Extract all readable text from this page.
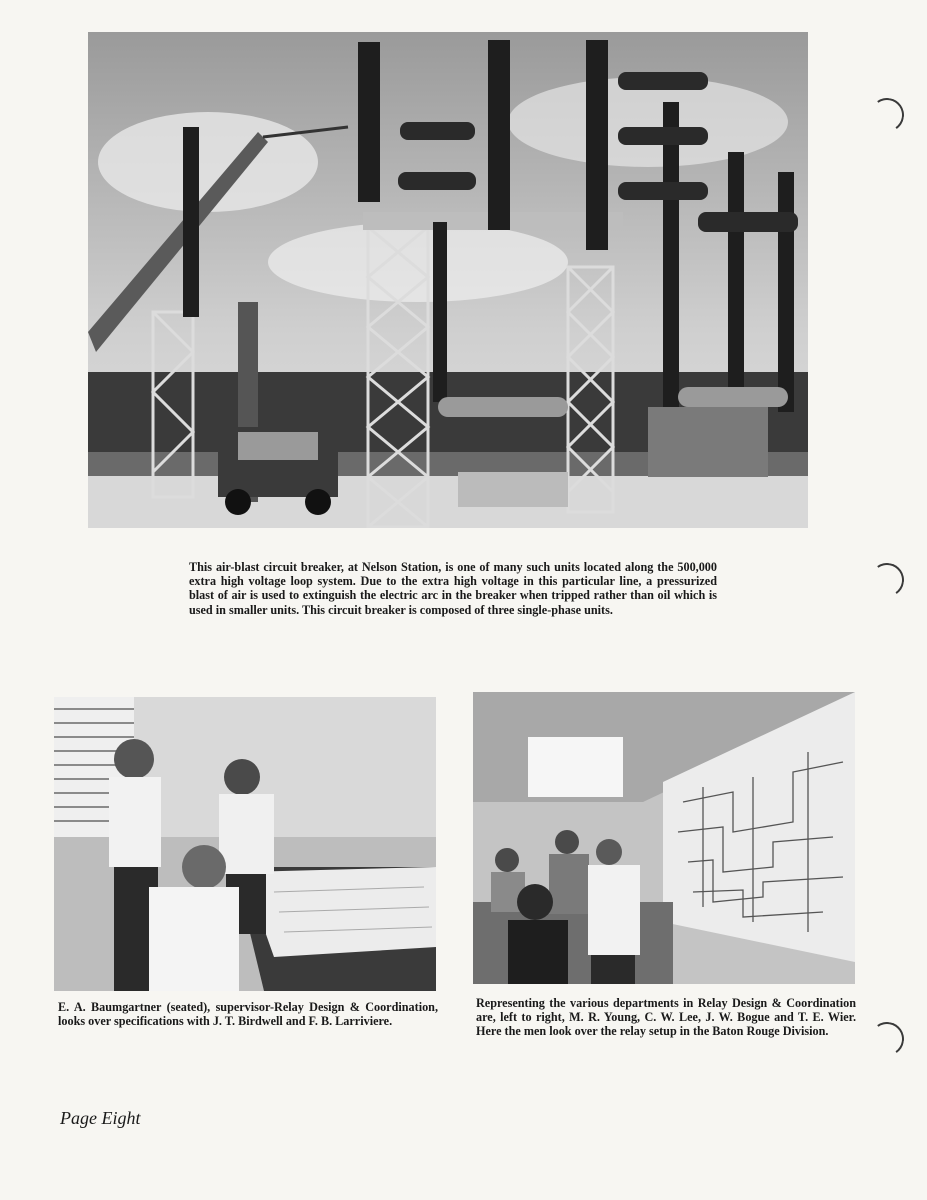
This air-blast circuit breaker, at Nelson Station, is one of many such units located along the 500,000 extra high voltage loop system. Due to the extra high voltage in this particular line, a pressurized blast of air is used to extinguish the electric arc in the breaker when tripped rather than oil which is used in smaller units. This circuit breaker is composed of three single-phase units.

E. A. Baumgartner (seated), supervisor-Relay Design & Coordination, looks over specifications with J. T. Birdwell and F. B. Larriviere.

Representing the various departments in Relay Design & Coordination are, left to right, M. R. Young, C. W. Lee, J. W. Bogue and T. E. Wier. Here the men look over the relay setup in the Baton Rouge Division.

Page Eight
